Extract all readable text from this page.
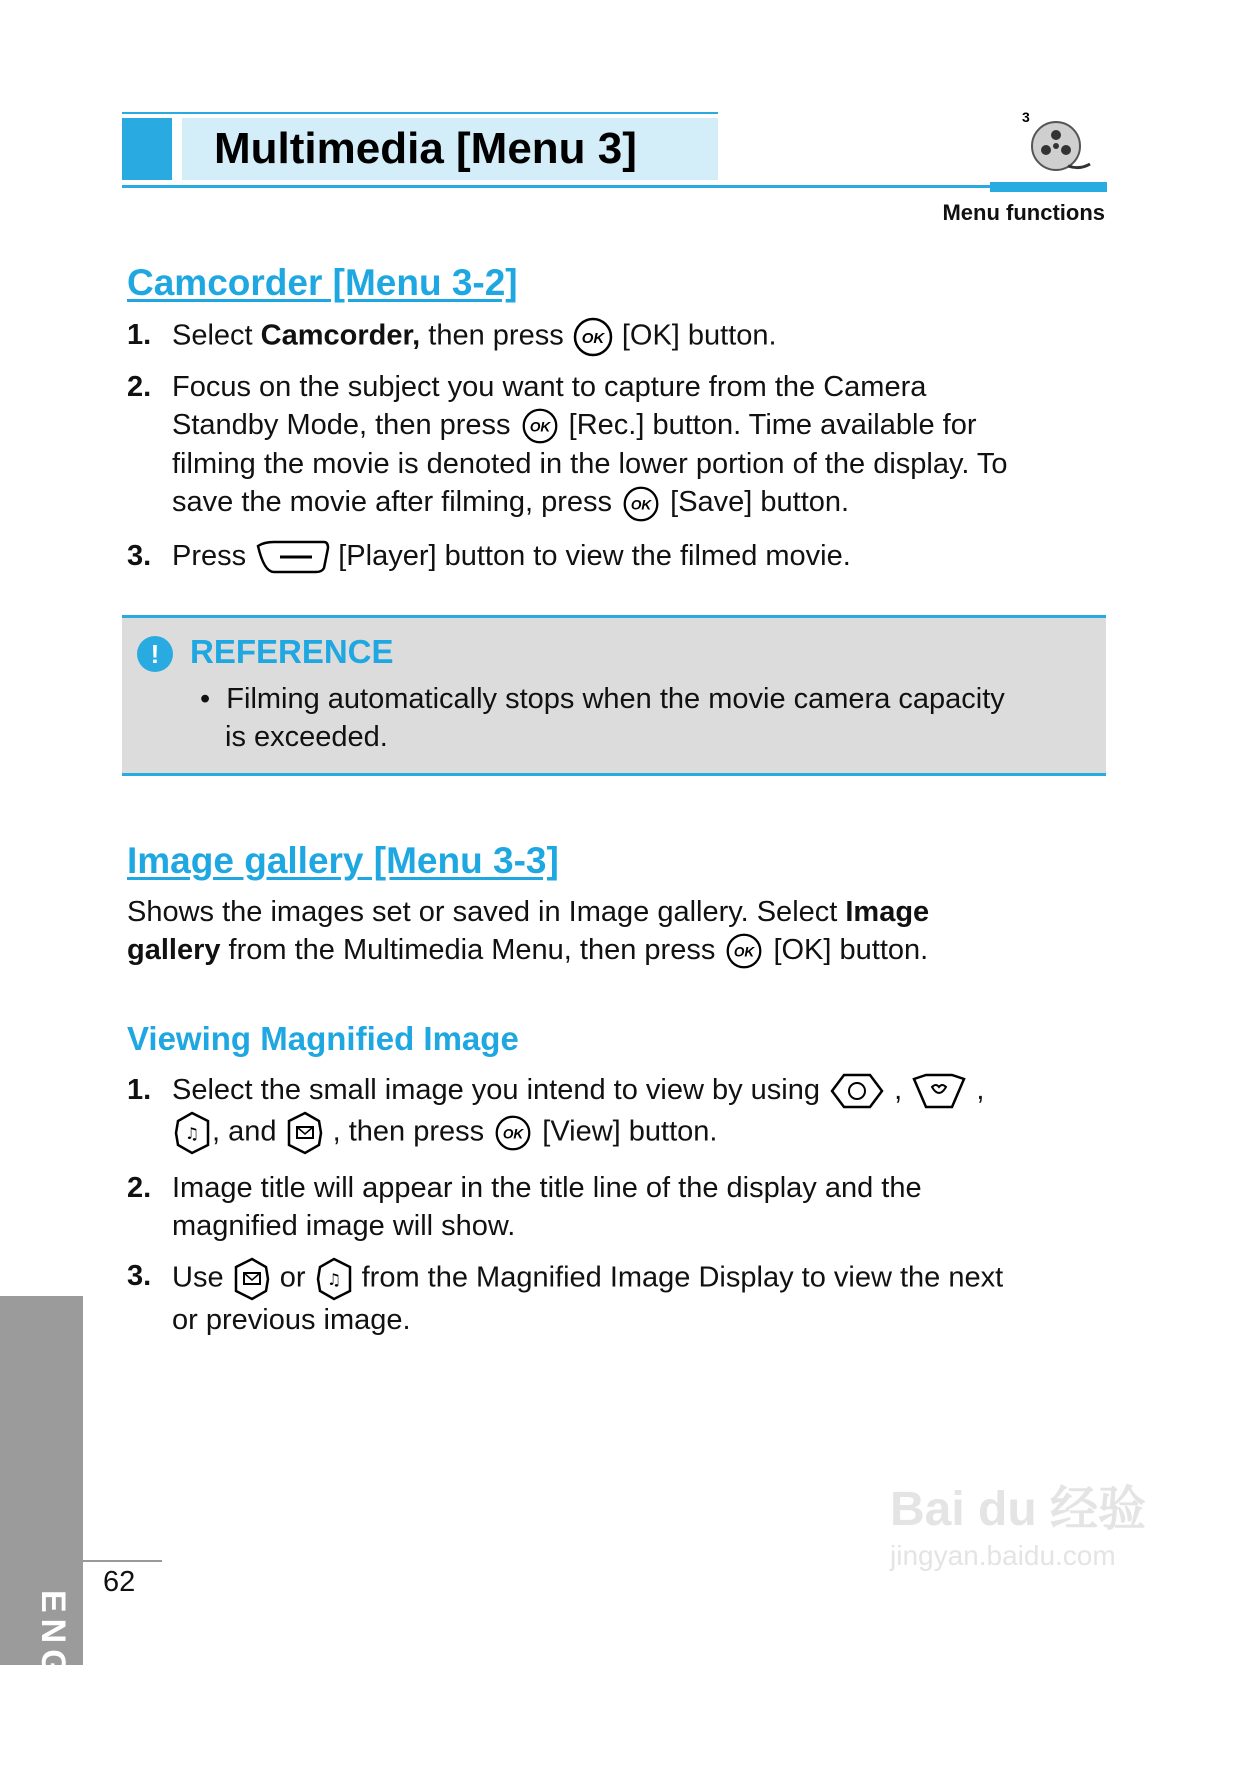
Multimedia [Menu 3]
3
Menu functions
Camcorder [Menu 3-2]
1. Select Camcorder, then press OK [OK] button.
2. Focus on the subject you want to capture from the Camera
Standby Mode, then press OK [Rec.] button. Time available for
filming the movie is denoted in the lower portion of the display. To
save the movie after filming, press OK [Save] button.
3. Press	[Player] button to view the filmed movie.
! REFERENCE
• Filming automatically stops when the movie camera capacity
is exceeded.
Image gallery [Menu 3-3]
Shows the images set or saved in Image gallery. Select Image
gallery from the Multimedia Menu, then press OK [OK] button.
Viewing Magnified Image
1. Select the small image you intend to view by using  ,  ,
♫ , and  , then press OK [View] button.
2. Image title will appear in the title line of the display and the
magnified image will show.
3. Use  or ♫ from the Magnified Image Display to view the next
or previous image.
ENGLISH
62
Bai du 经验
jingyan.baidu.com
